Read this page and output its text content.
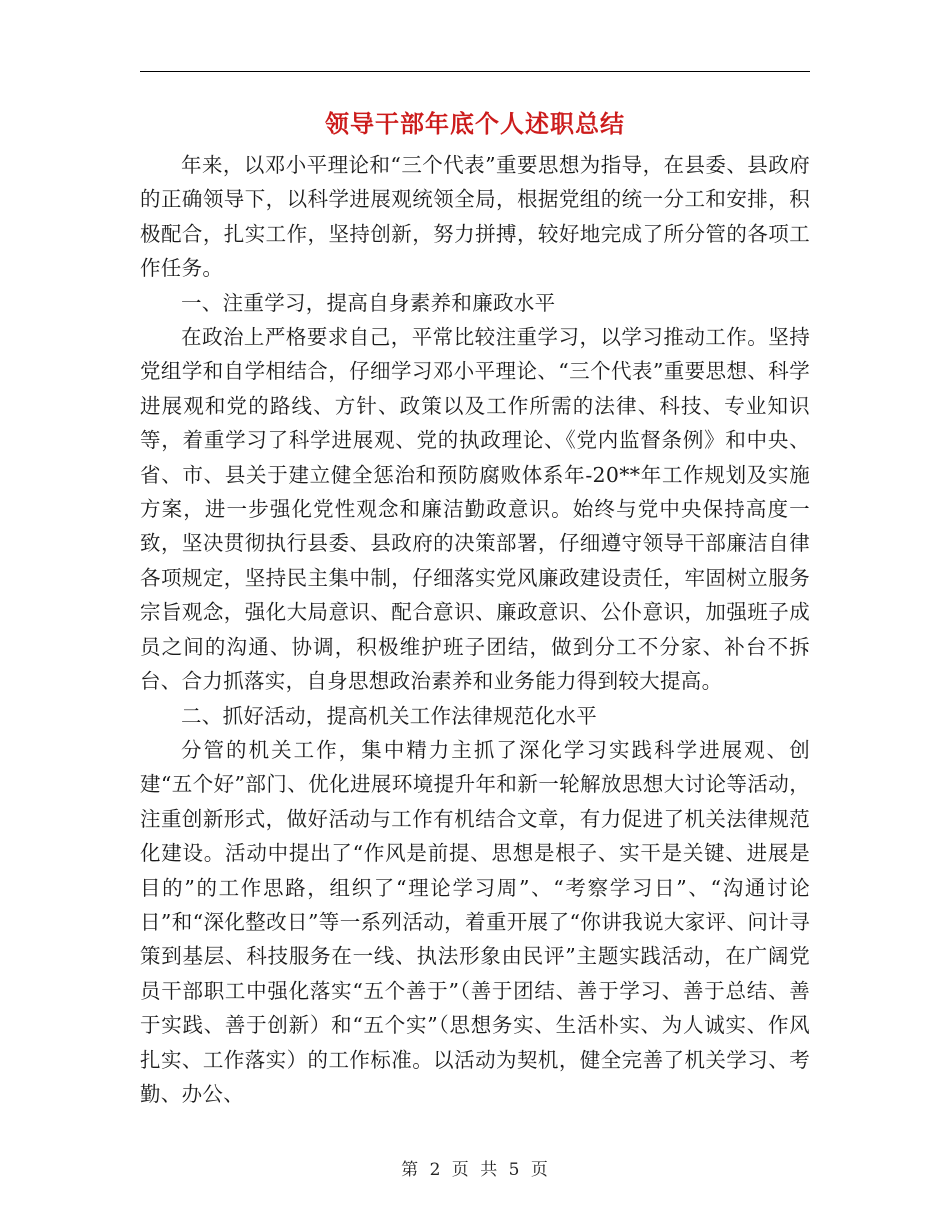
领导干部年底个人述职总结

年来，以邓小平理论和“三个代表”重要思想为指导，在县委、县政府的正确领导下，以科学进展观统领全局，根据党组的统一分工和安排，积极配合，扎实工作，坚持创新，努力拼搏，较好地完成了所分管的各项工作任务。

一、注重学习，提高自身素养和廉政水平

在政治上严格要求自己，平常比较注重学习，以学习推动工作。坚持党组学和自学相结合，仔细学习邓小平理论、“三个代表”重要思想、科学进展观和党的路线、方针、政策以及工作所需的法律、科技、专业知识等，着重学习了科学进展观、党的执政理论、《党内监督条例》和中央、省、市、县关于建立健全惩治和预防腐败体系年-20**年工作规划及实施方案，进一步强化党性观念和廉洁勤政意识。始终与党中央保持高度一致，坚决贯彻执行县委、县政府的决策部署，仔细遵守领导干部廉洁自律各项规定，坚持民主集中制，仔细落实党风廉政建设责任，牢固树立服务宗旨观念，强化大局意识、配合意识、廉政意识、公仆意识，加强班子成员之间的沟通、协调，积极维护班子团结，做到分工不分家、补台不拆台、合力抓落实，自身思想政治素养和业务能力得到较大提高。

二、抓好活动，提高机关工作法律规范化水平

分管的机关工作，集中精力主抓了深化学习实践科学进展观、创建“五个好”部门、优化进展环境提升年和新一轮解放思想大讨论等活动，注重创新形式，做好活动与工作有机结合文章，有力促进了机关法律规范化建设。活动中提出了“作风是前提、思想是根子、实干是关键、进展是目的”的工作思路，组织了“理论学习周”、“考察学习日”、“沟通讨论日”和“深化整改日”等一系列活动，着重开展了“你讲我说大家评、问计寻策到基层、科技服务在一线、执法形象由民评”主题实践活动，在广阔党员干部职工中强化落实“五个善于”（善于团结、善于学习、善于总结、善于实践、善于创新）和“五个实”（思想务实、生活朴实、为人诚实、作风扎实、工作落实）的工作标准。以活动为契机，健全完善了机关学习、考勤、办公、

第 2 页 共 5 页
